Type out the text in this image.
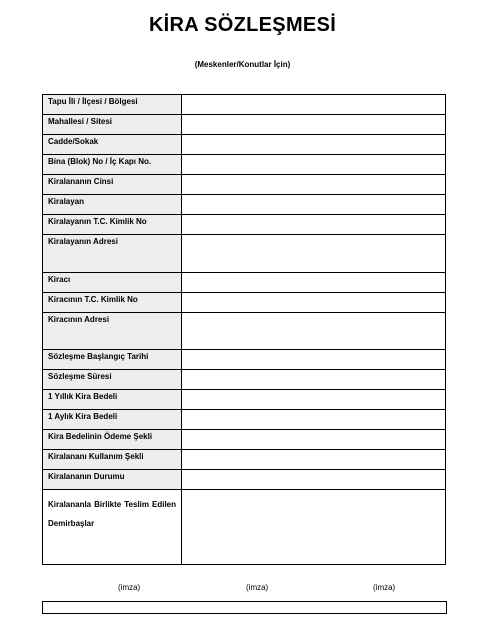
KİRA SÖZLEŞMESİ
(Meskenler/Konutlar İçin)
Tapu İli / İlçesi / Bölgesi	
Mahallesi / Sitesi	
Cadde/Sokak	
Bina (Blok) No / İç Kapı No.	
Kiralananın Cinsi	
Kiralayan	
Kiralayanın T.C. Kimlik No	
Kiralayanın Adresi	
Kiracı	
Kiracının T.C. Kimlik No	
Kiracının Adresi	
Sözleşme Başlangıç Tarihi	
Sözleşme Süresi	
1 Yıllık Kira Bedeli	
1 Aylık Kira Bedeli	
Kira Bedelinin Ödeme Şekli	
Kiralananı Kullanım Şekli	
Kiralananın Durumu	

Kiralananla Birlikte Teslim Edilen Demirbaşlar	

(imza)	(imza)	(imza)
